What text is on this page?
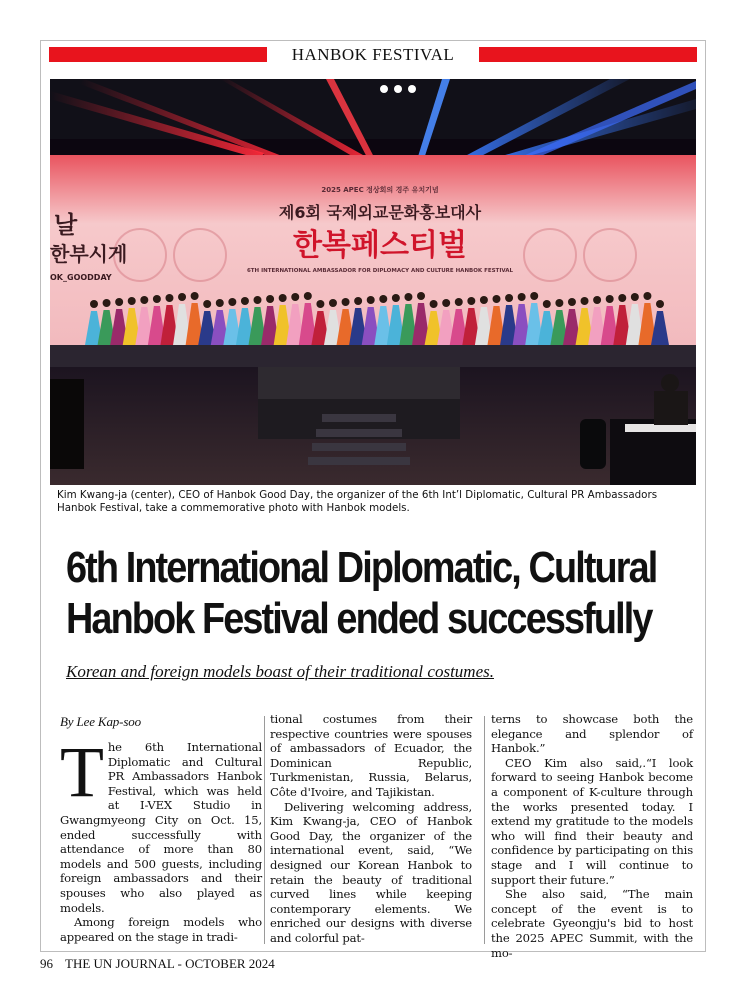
HANBOK FESTIVAL
2025 APEC 정상회의 경주 유치기념
제6회 국제외교문화홍보대사
한복페스티벌
6TH INTERNATIONAL AMBASSADOR FOR DIPLOMACY AND CULTURE HANBOK FESTIVAL
날
한부시게
OK_GOODDAY
Kim Kwang-ja (center), CEO of Hanbok Good Day, the organizer of the 6th Int’l Diplomatic, Cultural PR Ambassadors Hanbok Festival, take a commemorative photo with Hanbok models.
6th International Diplomatic, Cultural
Hanbok Festival ended successfully
Korean and foreign models boast of their traditional costumes.
By Lee Kap-soo

The 6th International Diplomatic and Cultural PR Ambassadors Hanbok Festival, which was held at I-VEX Studio in Gwangmyeong City on Oct. 15, ended successfully with attendance of more than 80 models and 500 guests, including foreign ambassadors and their spouses who also played as models.

Among foreign models who appeared on the stage in tradi-

tional costumes from their respective countries were spouses of ambassadors of Ecuador, the Dominican Republic, Turkmenistan, Russia, Belarus, Côte d'Ivoire, and Tajikistan.

Delivering welcoming address, Kim Kwang-ja, CEO of Hanbok Good Day, the organizer of the international event, said, “We designed our Korean Hanbok to retain the beauty of traditional curved lines while keeping contemporary elements. We enriched our designs with diverse and colorful pat-

terns to showcase both the elegance and splendor of Hanbok.”

CEO Kim also said,.“I look forward to seeing Hanbok become a component of K-culture through the works presented today. I extend my gratitude to the models who will find their beauty and confidence by participating on this stage and I will continue to support their future.”

She also said, “The main concept of the event is to celebrate Gyeongju's bid to host the 2025 APEC Summit, with the mo-

96 THE UN JOURNAL - OCTOBER 2024
